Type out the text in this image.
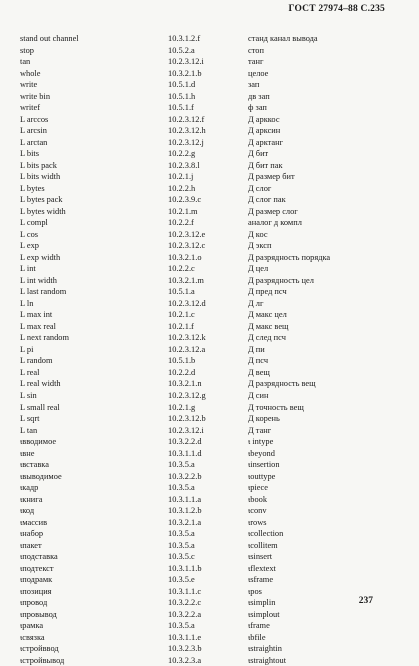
ГОСТ 27974–88 С.235
stand out channel	10.3.1.2.f	станд канал вывода
stop	10.5.2.a	стоп
tan	10.2.3.12.i	танг
whole	10.3.2.1.b	целое
write	10.5.1.d	зап
write bin	10.5.1.h	дв зап
writef	10.5.1.f	ф зап
L arccos	10.2.3.12.f	Д арккос
L arcsin	10.2.3.12.h	Д арксин
L arctan	10.2.3.12.j	Д арктанг
L bits	10.2.2.g	Д бит
L bits pack	10.2.3.8.l	Д бит пак
L bits width	10.2.1.j	Д размер бит
L bytes	10.2.2.h	Д слог
L bytes pack	10.2.3.9.c	Д слог пак
L bytes width	10.2.1.m	Д размер слог
L compl	10.2.2.f	аналог д компл
L cos	10.2.3.12.e	Д кос
L exp	10.2.3.12.c	Д эксп
L exp width	10.3.2.1.o	Д разрядность порядка
L int	10.2.2.c	Д цел
L int width	10.3.2.1.m	Д разрядность цел
L last random	10.5.1.a	Д пред псч
L ln	10.2.3.12.d	Д лг
L max int	10.2.1.c	Д макс цел
L max real	10.2.1.f	Д макс вещ
L next random	10.2.3.12.k	Д след псч
L pi	10.2.3.12.a	Д пи
L random	10.5.1.b	Д псч
L real	10.2.2.d	Д вещ
L real width	10.3.2.1.n	Д разрядность вещ
L sin	10.2.3.12.g	Д син
L small real	10.2.1.g	Д точность вещ
L sqrt	10.2.3.12.b	Д корень
L tan	10.2.3.12.i	Д танг
ᵼвводимое	10.3.2.2.d	ᵼ intype
ᵼвне	10.3.1.1.d	ᵼbeyond
ᵼвставка	10.3.5.a	ᵼinsertion
ᵼвыводимое	10.3.2.2.b	ᵼouttype
ᵼкадр	10.3.5.a	ᵼpiece
ᵼкнига	10.3.1.1.a	ᵼbook
ᵼкод	10.3.1.2.b	ᵼconv
ᵼмассив	10.3.2.1.a	ᵼrows
ᵼнабор	10.3.5.a	ᵼcollection
ᵼпакет	10.3.5.a	ᵼcollitem
ᵼподставка	10.3.5.c	ᵼsinsert
ᵼподтекст	10.3.1.1.b	ᵼflextext
ᵼподрамк	10.3.5.e	ᵼsframe
ᵼпозиция	10.3.1.1.c	ᵼpos
ᵼпровод	10.3.2.2.c	ᵼsimplin
ᵼпровывод	10.3.2.2.a	ᵼsimplout
ᵼрамка	10.3.5.a	ᵼframe
ᵼсвязка	10.3.1.1.e	ᵼbfile
ᵼстройввод	10.3.2.3.b	ᵼstraightin
ᵼстройвывод	10.3.2.3.a	ᵼstraightout
237
